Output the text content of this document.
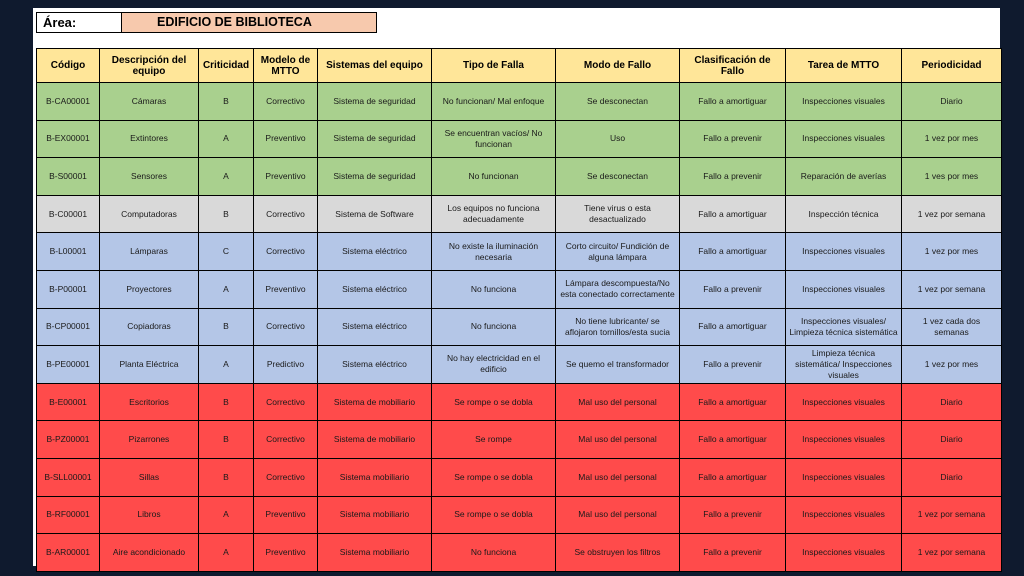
Área:	EDIFICIO DE BIBLIOTECA
Código	Descripción del equipo	Criticidad	Modelo de MTTO	Sistemas del equipo	Tipo de Falla	Modo de Fallo	Clasificación de Fallo	Tarea de MTTO	Periodicidad
B-CA00001	Cámaras	B	Correctivo	Sistema de seguridad	No funcionan/ Mal enfoque	Se desconectan	Fallo a amortiguar	Inspecciones visuales	Diario
B-EX00001	Extintores	A	Preventivo	Sistema de seguridad	Se encuentran vacíos/ No funcionan	Uso	Fallo a prevenir	Inspecciones visuales	1 vez por mes
B-S00001	Sensores	A	Preventivo	Sistema de seguridad	No funcionan	Se desconectan	Fallo a prevenir	Reparación de averías	1 ves por mes
B-C00001	Computadoras	B	Correctivo	Sistema de Software	Los equipos no funciona adecuadamente	Tiene virus o esta desactualizado	Fallo a amortiguar	Inspección técnica	1 vez por semana
B-L00001	Lámparas	C	Correctivo	Sistema eléctrico	No existe la iluminación necesaria	Corto circuito/ Fundición de alguna lámpara	Fallo a amortiguar	Inspecciones visuales	1 vez por mes
B-P00001	Proyectores	A	Preventivo	Sistema eléctrico	No funciona	Lámpara descompuesta/No esta conectado correctamente	Fallo a prevenir	Inspecciones visuales	1 vez por semana
B-CP00001	Copiadoras	B	Correctivo	Sistema eléctrico	No funciona	No tiene lubricante/ se aflojaron tornillos/esta sucia	Fallo a amortiguar	Inspecciones visuales/ Limpieza técnica sistemática	1 vez cada dos semanas
B-PE00001	Planta Eléctrica	A	Predictivo	Sistema eléctrico	No hay electricidad en el edificio	Se quemo el transformador	Fallo a prevenir	Limpieza técnica sistemática/ Inspecciones visuales	1 vez por mes
B-E00001	Escritorios	B	Correctivo	Sistema de mobiliario	Se rompe o se dobla	Mal uso del personal	Fallo a amortiguar	Inspecciones visuales	Diario
B-PZ00001	Pizarrones	B	Correctivo	Sistema de mobiliario	Se rompe	Mal uso del personal	Fallo a amortiguar	Inspecciones visuales	Diario
B-SLL00001	Sillas	B	Correctivo	Sistema mobiliario	Se rompe o se dobla	Mal uso del personal	Fallo a amortiguar	Inspecciones visuales	Diario
B-RF00001	Libros	A	Preventivo	Sistema mobiliario	Se rompe o se dobla	Mal uso del personal	Fallo a prevenir	Inspecciones visuales	1 vez por semana
B-AR00001	Aire acondicionado	A	Preventivo	Sistema mobiliario	No funciona	Se obstruyen los filtros	Fallo a prevenir	Inspecciones visuales	1 vez por semana
